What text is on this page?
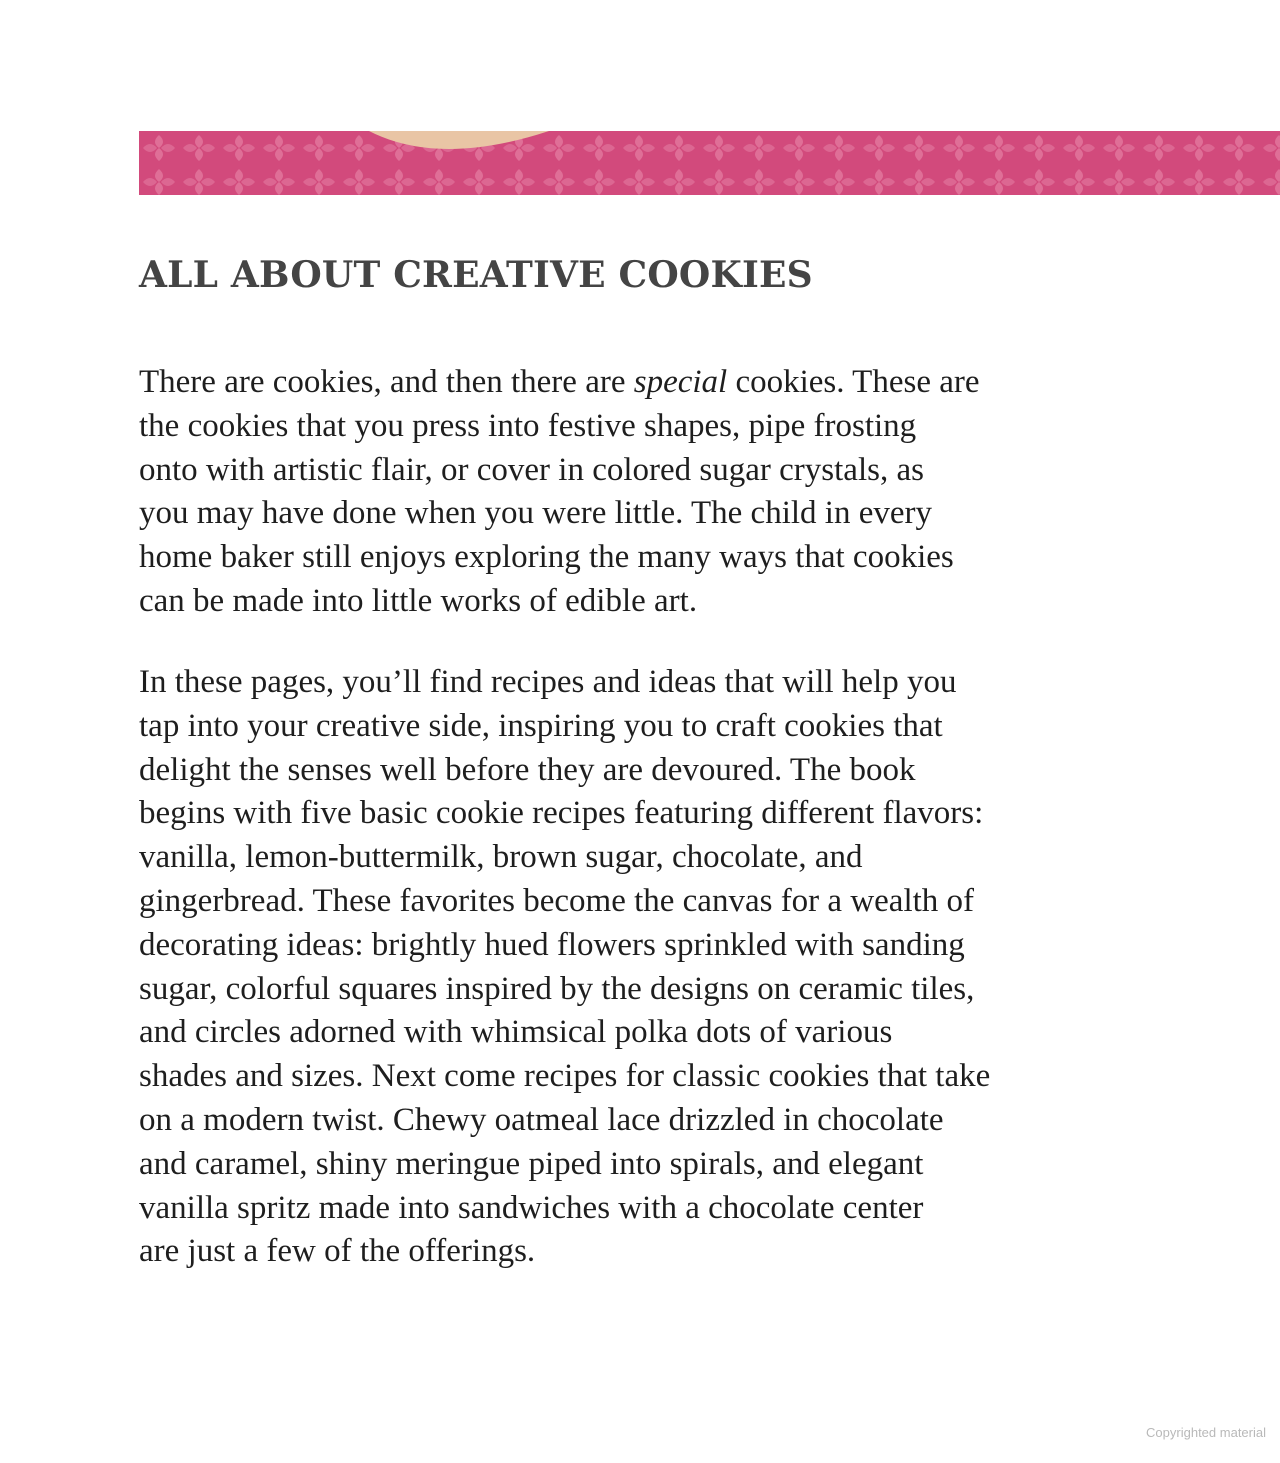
ALL ABOUT CREATIVE COOKIES

There are cookies, and then there are special cookies. These are
the cookies that you press into festive shapes, pipe frosting
onto with artistic flair, or cover in colored sugar crystals, as
you may have done when you were little. The child in every
home baker still enjoys exploring the many ways that cookies
can be made into little works of edible art.

In these pages, you’ll find recipes and ideas that will help you
tap into your creative side, inspiring you to craft cookies that
delight the senses well before they are devoured. The book
begins with five basic cookie recipes featuring different flavors:
vanilla, lemon-buttermilk, brown sugar, chocolate, and
gingerbread. These favorites become the canvas for a wealth of
decorating ideas: brightly hued flowers sprinkled with sanding
sugar, colorful squares inspired by the designs on ceramic tiles,
and circles adorned with whimsical polka dots of various
shades and sizes. Next come recipes for classic cookies that take
on a modern twist. Chewy oatmeal lace drizzled in chocolate
and caramel, shiny meringue piped into spirals, and elegant
vanilla spritz made into sandwiches with a chocolate center
are just a few of the offerings.

Copyrighted material
